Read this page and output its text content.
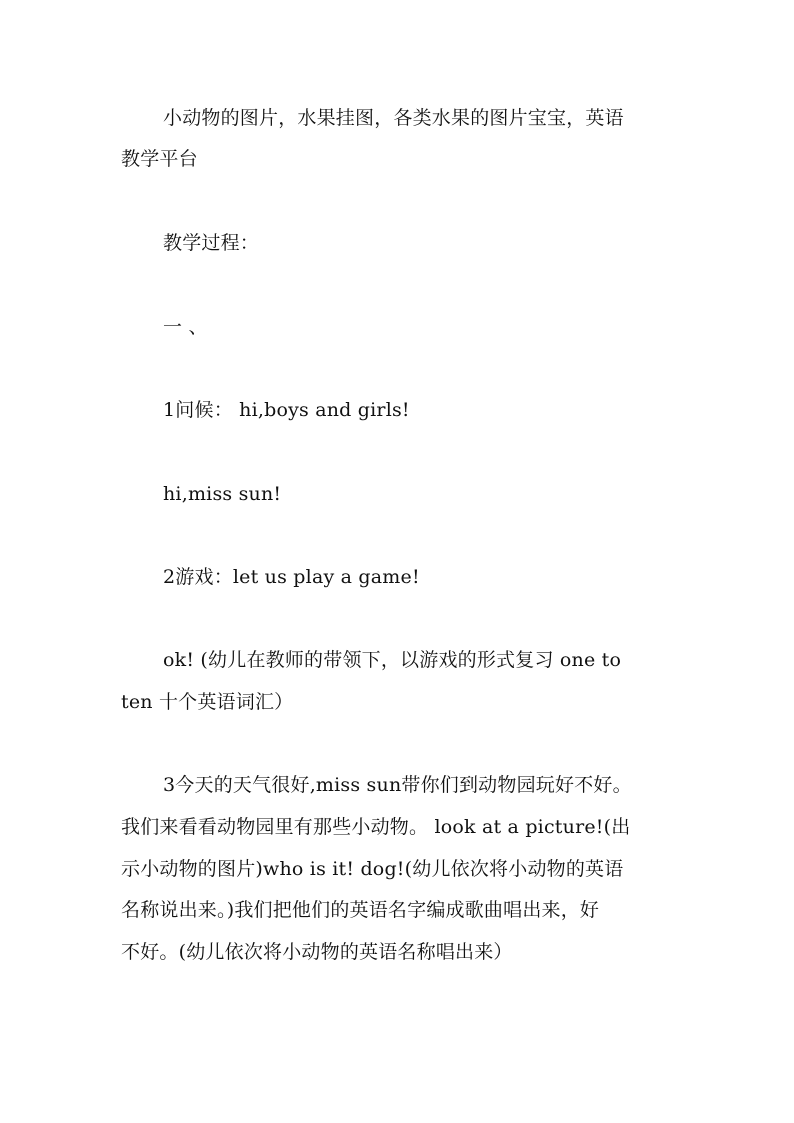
小动物的图片，水果挂图，各类水果的图片宝宝，英语
教学平台
教学过程：
一 、
1问候： hi,boys and girls!
hi,miss sun!
2游戏：let us play a game!
ok! (幼儿在教师的带领下，以游戏的形式复习 one to
ten 十个英语词汇）
3今天的天气很好,miss sun带你们到动物园玩好不好。
我们来看看动物园里有那些小动物。 look at a picture!(出
示小动物的图片)who is it! dog!(幼儿依次将小动物的英语
名称说出来。)我们把他们的英语名字编成歌曲唱出来，好
不好。(幼儿依次将小动物的英语名称唱出来）
